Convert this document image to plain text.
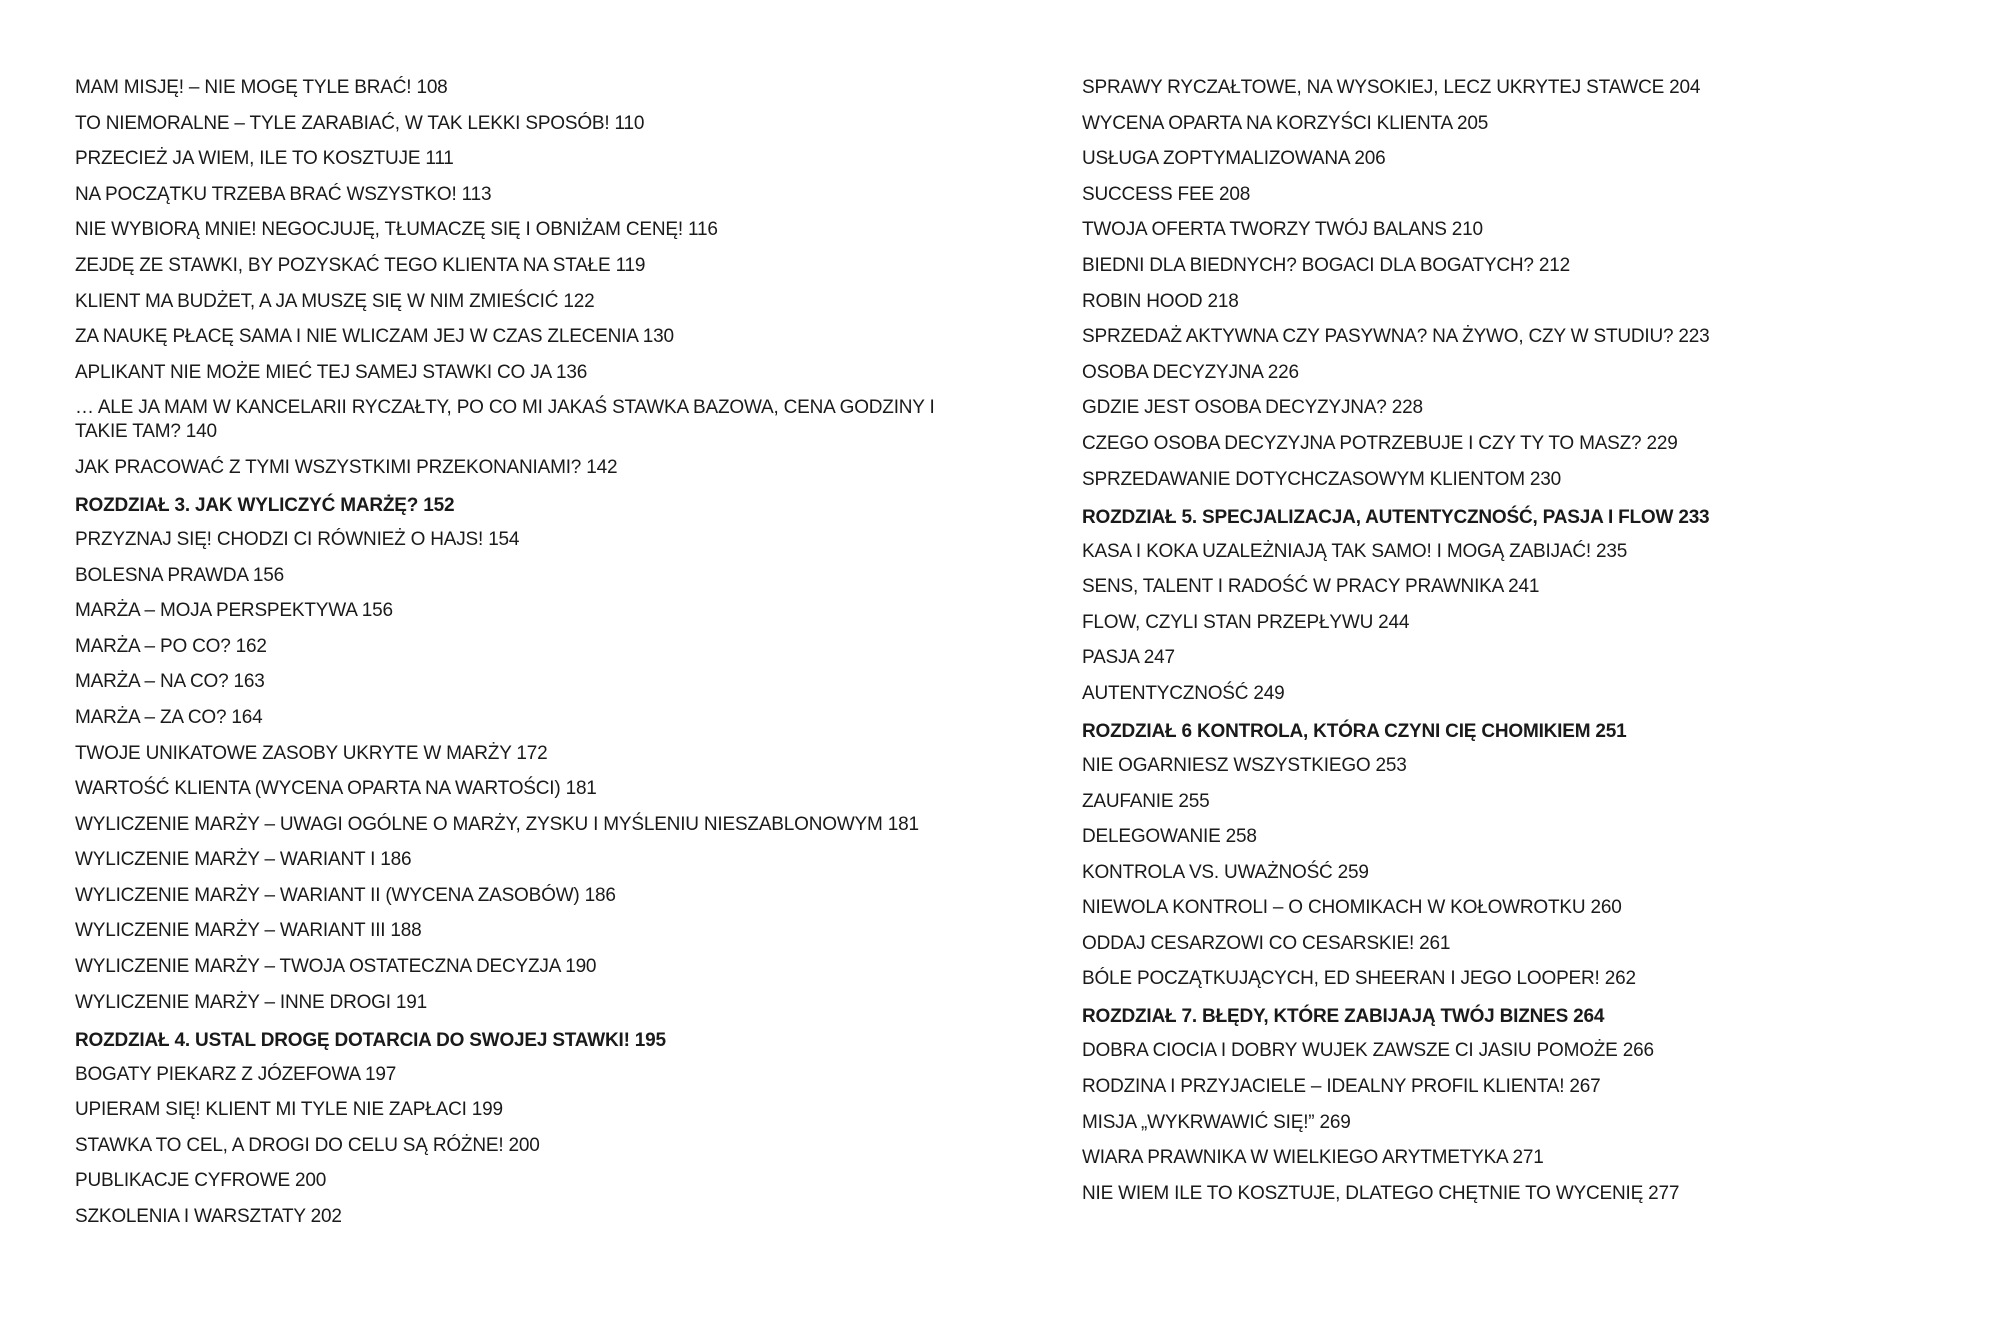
MAM MISJĘ! – NIE MOGĘ TYLE BRAĆ! 108
TO NIEMORALNE – TYLE ZARABIAĆ, W TAK LEKKI SPOSÓB! 110
PRZECIEŻ JA WIEM, ILE TO KOSZTUJE 111
NA POCZĄTKU TRZEBA BRAĆ WSZYSTKO! 113
NIE WYBIORĄ MNIE! NEGOCJUJĘ, TŁUMACZĘ SIĘ I OBNIŻAM CENĘ! 116
ZEJDĘ ZE STAWKI, BY POZYSKAĆ TEGO KLIENTA NA STAŁE 119
KLIENT MA BUDŻET, A JA MUSZĘ SIĘ W NIM ZMIEŚCIĆ 122
ZA NAUKĘ PŁACĘ SAMA I NIE WLICZAM JEJ W CZAS ZLECENIA 130
APLIKANT NIE MOŻE MIEĆ TEJ SAMEJ STAWKI CO JA 136
… ALE JA MAM W KANCELARII RYCZAŁTY, PO CO MI JAKAŚ STAWKA BAZOWA, CENA GODZINY I TAKIE TAM? 140
JAK PRACOWAĆ Z TYMI WSZYSTKIMI PRZEKONANIAMI? 142
ROZDZIAŁ 3. JAK WYLICZYĆ MARŻĘ? 152
PRZYZNAJ SIĘ! CHODZI CI RÓWNIEŻ O HAJS! 154
BOLESNA PRAWDA 156
MARŻA – MOJA PERSPEKTYWA 156
MARŻA – PO CO? 162
MARŻA – NA CO? 163
MARŻA – ZA CO? 164
TWOJE UNIKATOWE ZASOBY UKRYTE W MARŻY 172
WARTOŚĆ KLIENTA (WYCENA OPARTA NA WARTOŚCI) 181
WYLICZENIE MARŻY – UWAGI OGÓLNE O MARŻY, ZYSKU I MYŚLENIU NIESZABLONOWYM 181
WYLICZENIE MARŻY – WARIANT I 186
WYLICZENIE MARŻY – WARIANT II (WYCENA ZASOBÓW) 186
WYLICZENIE MARŻY – WARIANT III 188
WYLICZENIE MARŻY – TWOJA OSTATECZNA DECYZJA 190
WYLICZENIE MARŻY – INNE DROGI 191
ROZDZIAŁ 4. USTAL DROGĘ DOTARCIA DO SWOJEJ STAWKI! 195
BOGATY PIEKARZ Z JÓZEFOWA 197
UPIERAM SIĘ! KLIENT MI TYLE NIE ZAPŁACI 199
STAWKA TO CEL, A DROGI DO CELU SĄ RÓŻNE! 200
PUBLIKACJE CYFROWE 200
SZKOLENIA I WARSZTATY 202
SPRAWY RYCZAŁTOWE, NA WYSOKIEJ, LECZ UKRYTEJ STAWCE 204
WYCENA OPARTA NA KORZYŚCI KLIENTA 205
USŁUGA ZOPTYMALIZOWANA 206
SUCCESS FEE 208
TWOJA OFERTA TWORZY TWÓJ BALANS 210
BIEDNI DLA BIEDNYCH? BOGACI DLA BOGATYCH? 212
ROBIN HOOD 218
SPRZEDAŻ AKTYWNA CZY PASYWNA? NA ŻYWO, CZY W STUDIU? 223
OSOBA DECYZYJNA 226
GDZIE JEST OSOBA DECYZYJNA? 228
CZEGO OSOBA DECYZYJNA POTRZEBUJE I CZY TY TO MASZ? 229
SPRZEDAWANIE DOTYCHCZASOWYM KLIENTOM 230
ROZDZIAŁ 5. SPECJALIZACJA, AUTENTYCZNOŚĆ, PASJA I FLOW 233
KASA I KOKA UZALEŻNIAJĄ TAK SAMO! I MOGĄ ZABIJAĆ! 235
SENS, TALENT I RADOŚĆ W PRACY PRAWNIKA 241
FLOW, CZYLI STAN PRZEPŁYWU 244
PASJA 247
AUTENTYCZNOŚĆ 249
ROZDZIAŁ 6 KONTROLA, KTÓRA CZYNI CIĘ CHOMIKIEM 251
NIE OGARNIESZ WSZYSTKIEGO 253
ZAUFANIE 255
DELEGOWANIE 258
KONTROLA VS. UWAŻNOŚĆ 259
NIEWOLA KONTROLI – O CHOMIKACH W KOŁOWROTKU 260
ODDAJ CESARZOWI CO CESARSKIE! 261
BÓLE POCZĄTKUJĄCYCH, ED SHEERAN I JEGO LOOPER! 262
ROZDZIAŁ 7. BŁĘDY, KTÓRE ZABIJAJĄ TWÓJ BIZNES 264
DOBRA CIOCIA I DOBRY WUJEK ZAWSZE CI JASIU POMOŻE 266
RODZINA I PRZYJACIELE – IDEALNY PROFIL KLIENTA! 267
MISJA „WYKRWAWIĆ SIĘ!” 269
WIARA PRAWNIKA W WIELKIEGO ARYTMETYKA 271
NIE WIEM ILE TO KOSZTUJE, DLATEGO CHĘTNIE TO WYCENIĘ 277
